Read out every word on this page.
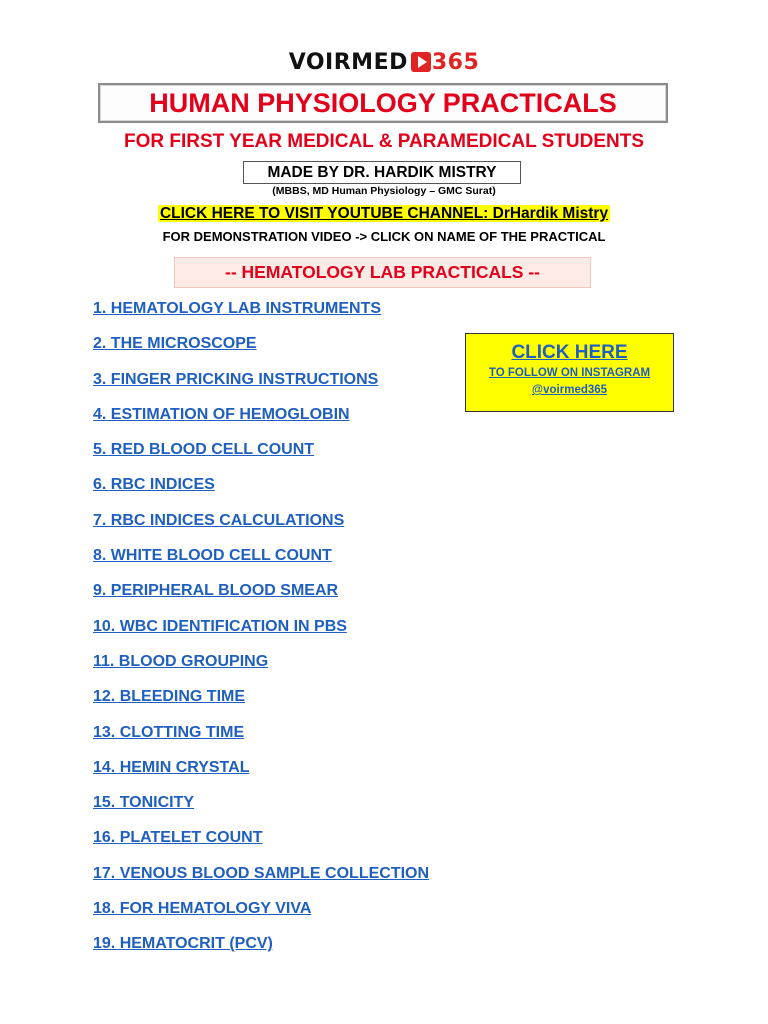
VOIRMED 365
HUMAN PHYSIOLOGY PRACTICALS
FOR FIRST YEAR MEDICAL & PARAMEDICAL STUDENTS
MADE BY DR. HARDIK MISTRY
(MBBS, MD Human Physiology – GMC Surat)
CLICK HERE TO VISIT YOUTUBE CHANNEL: DrHardik Mistry
FOR DEMONSTRATION VIDEO -> CLICK ON NAME OF THE PRACTICAL
-- HEMATOLOGY LAB PRACTICALS --
1. HEMATOLOGY LAB INSTRUMENTS
2. THE MICROSCOPE
3. FINGER PRICKING INSTRUCTIONS
4. ESTIMATION OF HEMOGLOBIN
5. RED BLOOD CELL COUNT
6. RBC INDICES
7. RBC INDICES CALCULATIONS
8. WHITE BLOOD CELL COUNT
9. PERIPHERAL BLOOD SMEAR
10. WBC IDENTIFICATION IN PBS
11. BLOOD GROUPING
12. BLEEDING TIME
13. CLOTTING TIME
14. HEMIN CRYSTAL
15. TONICITY
16. PLATELET COUNT
17. VENOUS BLOOD SAMPLE COLLECTION
18. FOR HEMATOLOGY VIVA
19. HEMATOCRIT (PCV)
CLICK HERE
TO FOLLOW ON INSTAGRAM
@voirmed365
